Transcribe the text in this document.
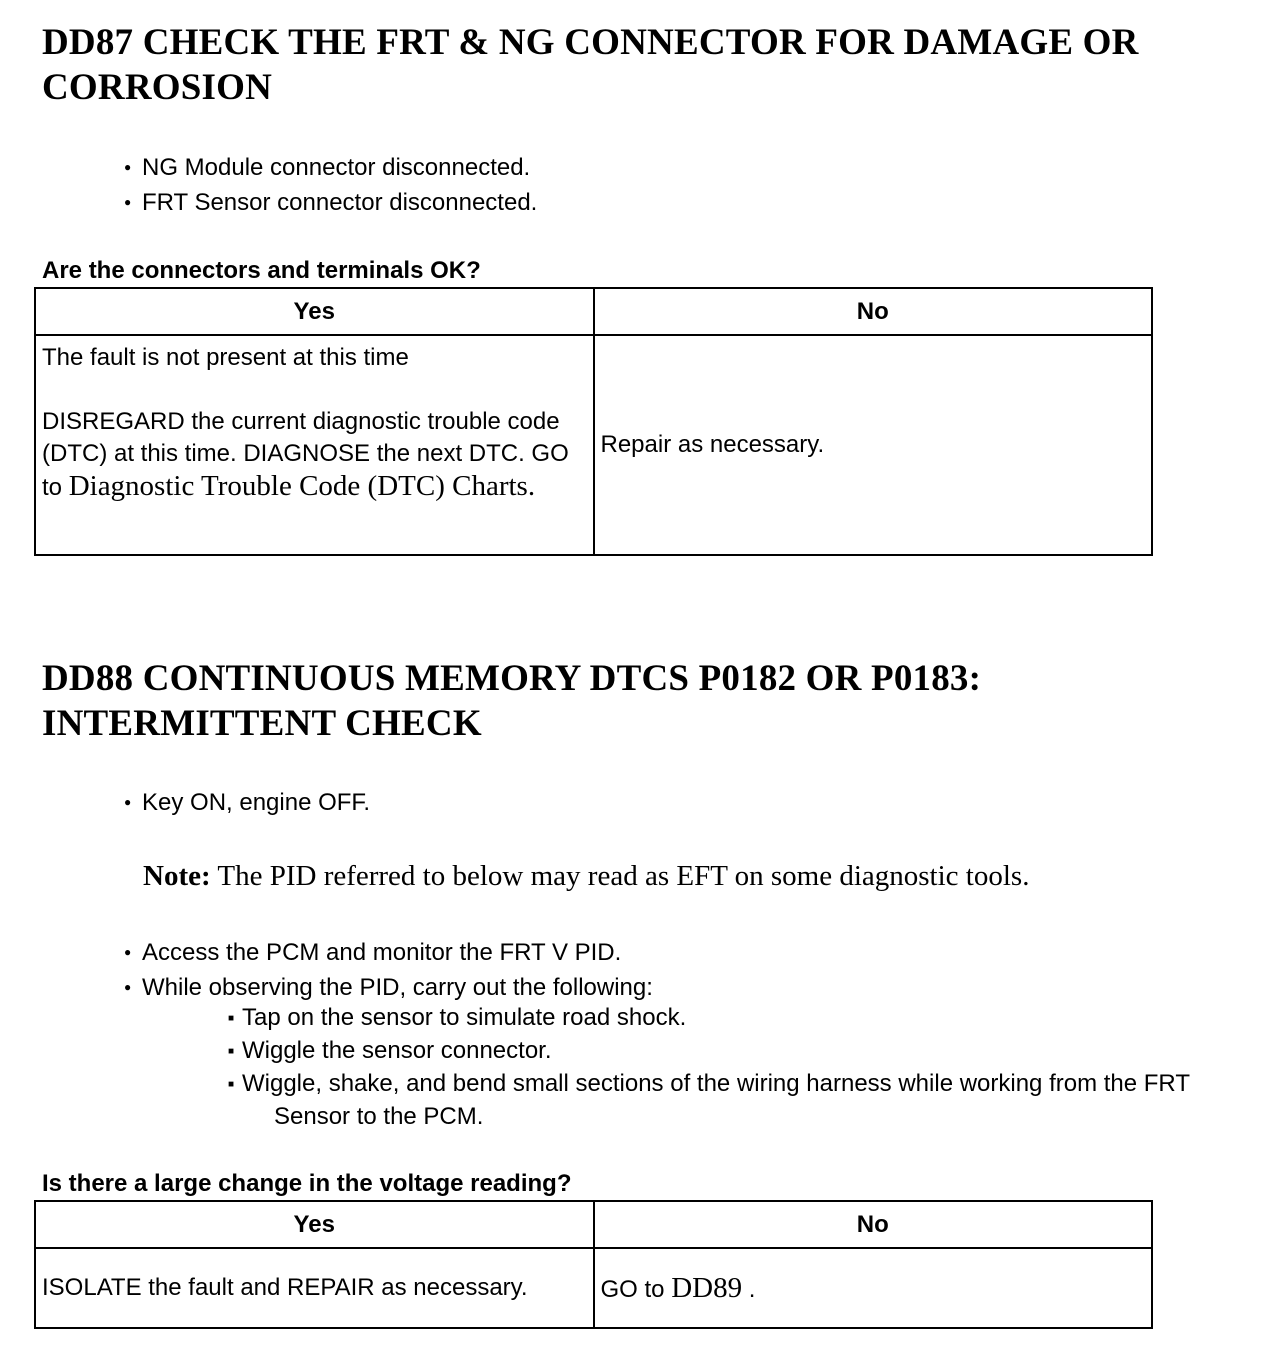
DD87 CHECK THE FRT & NG CONNECTOR FOR DAMAGE OR
CORROSION
● NG Module connector disconnected.
● FRT Sensor connector disconnected.

Are the connectors and terminals OK?

Yes	No

The fault is not present at this time

DISREGARD the current diagnostic trouble code (DTC) at this time. DIAGNOSE the next DTC. GO to Diagnostic Trouble Code (DTC) Charts.	Repair as necessary.
DD88 CONTINUOUS MEMORY DTCS P0182 OR P0183:
INTERMITTENT CHECK
● Key ON, engine OFF.

Note: The PID referred to below may read as EFT on some diagnostic tools.

● Access the PCM and monitor the FRT V PID.
● While observing the PID, carry out the following:
■ Tap on the sensor to simulate road shock.
■ Wiggle the sensor connector.
■ Wiggle, shake, and bend small sections of the wiring harness while working from the FRT Sensor to the PCM.

Is there a large change in the voltage reading?

Yes	No

ISOLATE the fault and REPAIR as necessary.	GO to DD89 .
